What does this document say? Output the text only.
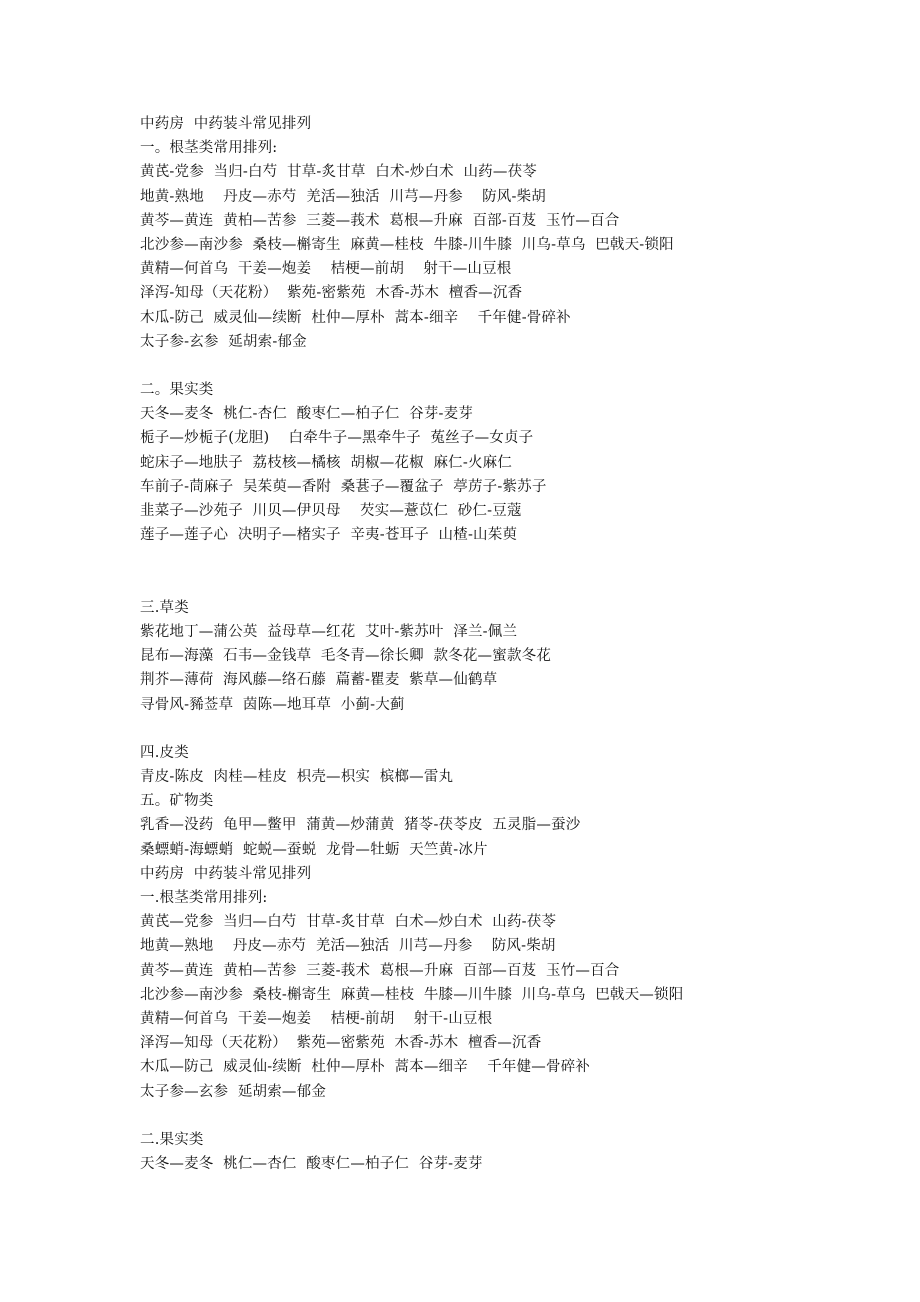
中药房  中药装斗常见排列
一。根茎类常用排列:
黄芪-党参  当归-白芍  甘草-炙甘草  白术-炒白术  山药—茯苓
地黄-熟地    丹皮—赤芍  羌活—独活  川芎—丹参    防风-柴胡
黄芩—黄连  黄柏—苦参  三菱—莪术  葛根—升麻  百部-百芨  玉竹—百合
北沙参—南沙参  桑枝—槲寄生  麻黄—桂枝  牛膝-川牛膝  川乌-草乌  巴戟天-锁阳
黄精—何首乌  干姜—炮姜    桔梗—前胡    射干—山豆根
泽泻-知母（天花粉）  紫苑-密紫苑  木香-苏木  檀香—沉香
木瓜-防己  威灵仙—续断  杜仲—厚朴  蒿本-细辛    千年健-骨碎补
太子参-玄参  延胡索-郁金
二。果实类
天冬—麦冬  桃仁-杏仁  酸枣仁—柏子仁  谷芽-麦芽
栀子—炒栀子(龙胆)    白牵牛子—黑牵牛子  菟丝子—女贞子
蛇床子—地肤子  荔枝核—橘核  胡椒—花椒  麻仁-火麻仁
车前子-茼麻子  吴茱萸—香附  桑葚子—覆盆子  葶苈子-紫苏子
韭菜子—沙苑子  川贝—伊贝母    芡实—薏苡仁  砂仁-豆蔻
莲子—莲子心  决明子—楮实子  辛夷-苍耳子  山楂-山茱萸
三.草类
紫花地丁—蒲公英  益母草—红花  艾叶-紫苏叶  泽兰-佩兰
昆布—海藻  石韦—金钱草  毛冬青—徐长卿  款冬花—蜜款冬花
荆芥—薄荷  海风藤—络石藤  萹蓄-瞿麦  紫草—仙鹤草
寻骨风-豨莶草  茵陈—地耳草  小蓟-大蓟
四.皮类
青皮-陈皮  肉桂—桂皮  枳壳—枳实  槟榔—雷丸
五。矿物类
乳香—没药  龟甲—鳖甲  蒲黄—炒蒲黄  猪苓-茯苓皮  五灵脂—蚕沙
桑螵蛸-海螵蛸  蛇蜕—蚕蜕  龙骨—牡蛎  天竺黄-冰片
中药房  中药装斗常见排列
一.根茎类常用排列:
黄芪—党参  当归—白芍  甘草-炙甘草  白术—炒白术  山药-茯苓
地黄—熟地    丹皮—赤芍  羌活—独活  川芎—丹参    防风-柴胡
黄芩—黄连  黄柏—苦参  三菱-莪术  葛根—升麻  百部—百芨  玉竹—百合
北沙参—南沙参  桑枝-槲寄生  麻黄—桂枝  牛膝—川牛膝  川乌-草乌  巴戟天—锁阳
黄精—何首乌  干姜—炮姜    桔梗-前胡    射干-山豆根
泽泻—知母（天花粉）  紫苑—密紫苑  木香-苏木  檀香—沉香
木瓜—防己  威灵仙-续断  杜仲—厚朴  蒿本—细辛    千年健—骨碎补
太子参—玄参  延胡索—郁金
二.果实类
天冬—麦冬  桃仁—杏仁  酸枣仁—柏子仁  谷芽-麦芽
